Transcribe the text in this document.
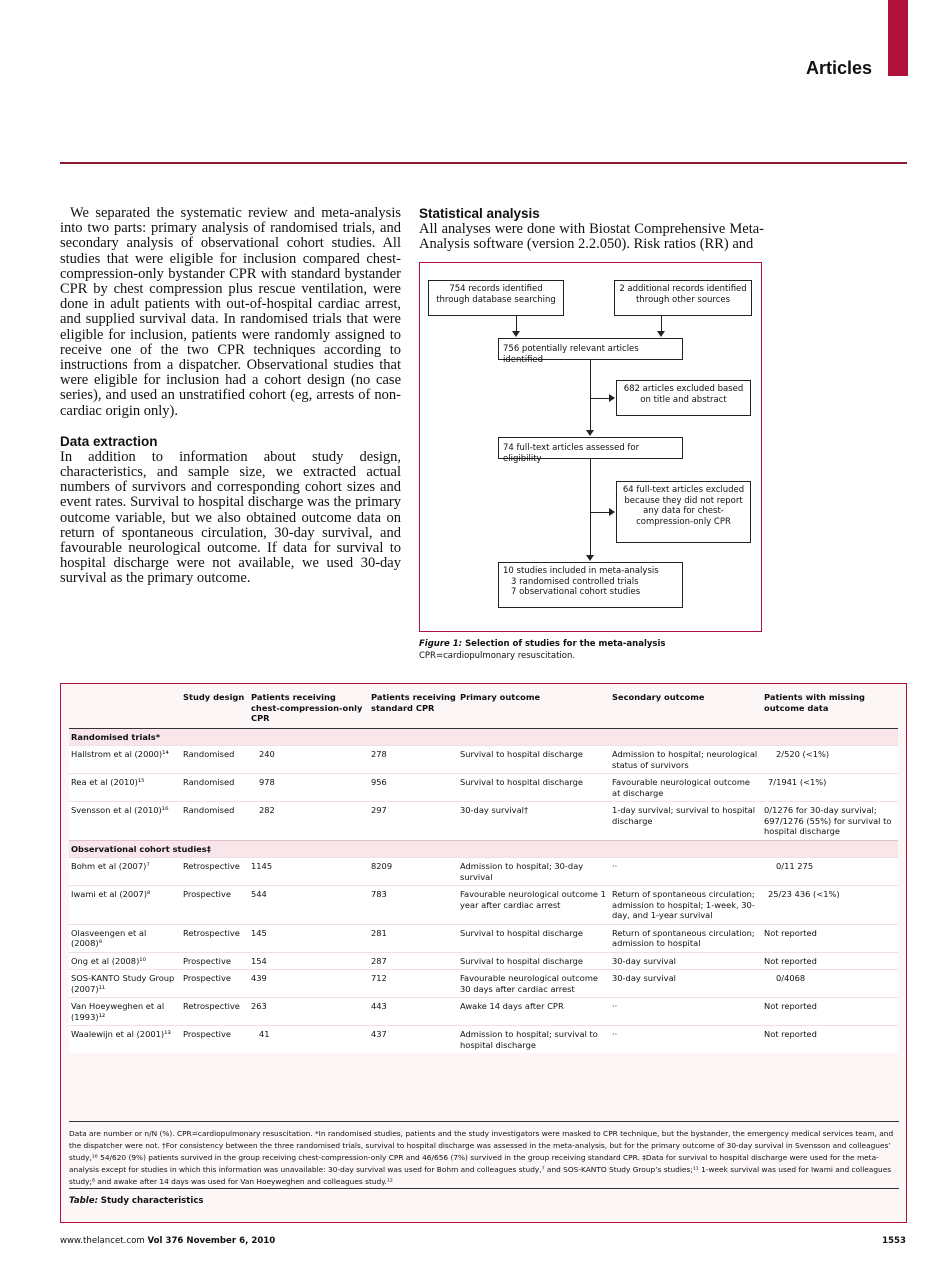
Articles

We separated the systematic review and meta-analysis into two parts: primary analysis of randomised trials, and secondary analysis of observational cohort studies. All studies that were eligible for inclusion compared chest-compression-only bystander CPR with standard bystander CPR by chest compression plus rescue ventilation, were done in adult patients with out-of-hospital cardiac arrest, and supplied survival data. In randomised trials that were eligible for inclusion, patients were randomly assigned to receive one of the two CPR techniques according to instructions from a dispatcher. Observational studies that were eligible for inclusion had a cohort design (no case series), and used an unstratified cohort (eg, arrests of non-cardiac origin only).

Data extraction

In addition to information about study design, characteristics, and sample size, we extracted actual numbers of survivors and corresponding cohort sizes and event rates. Survival to hospital discharge was the primary outcome variable, but we also obtained outcome data on return of spontaneous circulation, 30-day survival, and favourable neurological outcome. If data for survival to hospital discharge were not available, we used 30-day survival as the primary outcome.

Statistical analysis

All analyses were done with Biostat Comprehensive Meta-Analysis software (version 2.2.050). Risk ratios (RR) and

754 records identified through database searching
2 additional records identified through other sources
756 potentially relevant articles identified
682 articles excluded based on title and abstract
74 full-text articles assessed for eligibility
64 full-text articles excluded because they did not report any data for chest-compression-only CPR
10 studies included in meta-analysis
3 randomised controlled trials
7 observational cohort studies
Figure 1: Selection of studies for the meta-analysis
CPR=cardiopulmonary resuscitation.
	Study design	Patients receiving chest-compression-only CPR	Patients receiving standard CPR	Primary outcome	Secondary outcome	Patients with missing outcome data
Randomised trials*						
Hallstrom et al (2000)¹⁴	Randomised	240	278	Survival to hospital discharge	Admission to hospital; neurological status of survivors	2/520 (<1%)
Rea et al (2010)¹⁵	Randomised	978	956	Survival to hospital discharge	Favourable neurological outcome at discharge	7/1941 (<1%)
Svensson et al (2010)¹⁶	Randomised	282	297	30-day survival†	1-day survival; survival to hospital discharge	0/1276 for 30-day survival; 697/1276 (55%) for survival to hospital discharge
Observational cohort studies‡						
Bohm et al (2007)⁷	Retrospective	1145	8209	Admission to hospital; 30-day survival	··	0/11 275
Iwami et al (2007)⁸	Prospective	544	783	Favourable neurological outcome 1 year after cardiac arrest	Return of spontaneous circulation; admission to hospital; 1-week, 30-day, and 1-year survival	25/23 436 (<1%)
Olasveengen et al (2008)⁹	Retrospective	145	281	Survival to hospital discharge	Return of spontaneous circulation; admission to hospital	Not reported
Ong et al (2008)¹⁰	Prospective	154	287	Survival to hospital discharge	30-day survival	Not reported
SOS-KANTO Study Group (2007)¹¹	Prospective	439	712	Favourable neurological outcome 30 days after cardiac arrest	30-day survival	0/4068
Van Hoeyweghen et al (1993)¹²	Retrospective	263	443	Awake 14 days after CPR	··	Not reported
Waalewijn et al (2001)¹³	Prospective	41	437	Admission to hospital; survival to hospital discharge	··	Not reported
Data are number or n/N (%). CPR=cardiopulmonary resuscitation. *In randomised studies, patients and the study investigators were masked to CPR technique, but the bystander, the emergency medical services team, and the dispatcher were not. †For consistency between the three randomised trials, survival to hospital discharge was assessed in the meta-analysis, but for the primary outcome of 30-day survival in Svensson and colleagues’ study,¹⁶ 54/620 (9%) patients survived in the group receiving chest-compression-only CPR and 46/656 (7%) survived in the group receiving standard CPR. ‡Data for survival to hospital discharge were used for the meta-analysis except for studies in which this information was unavailable: 30-day survival was used for Bohm and colleagues study,⁷ and SOS-KANTO Study Group’s studies;¹¹ 1-week survival was used for Iwami and colleagues study;⁸ and awake after 14 days was used for Van Hoeyweghen and colleagues study.¹²
Table: Study characteristics
www.thelancet.com Vol 376 November 6, 2010	1553
